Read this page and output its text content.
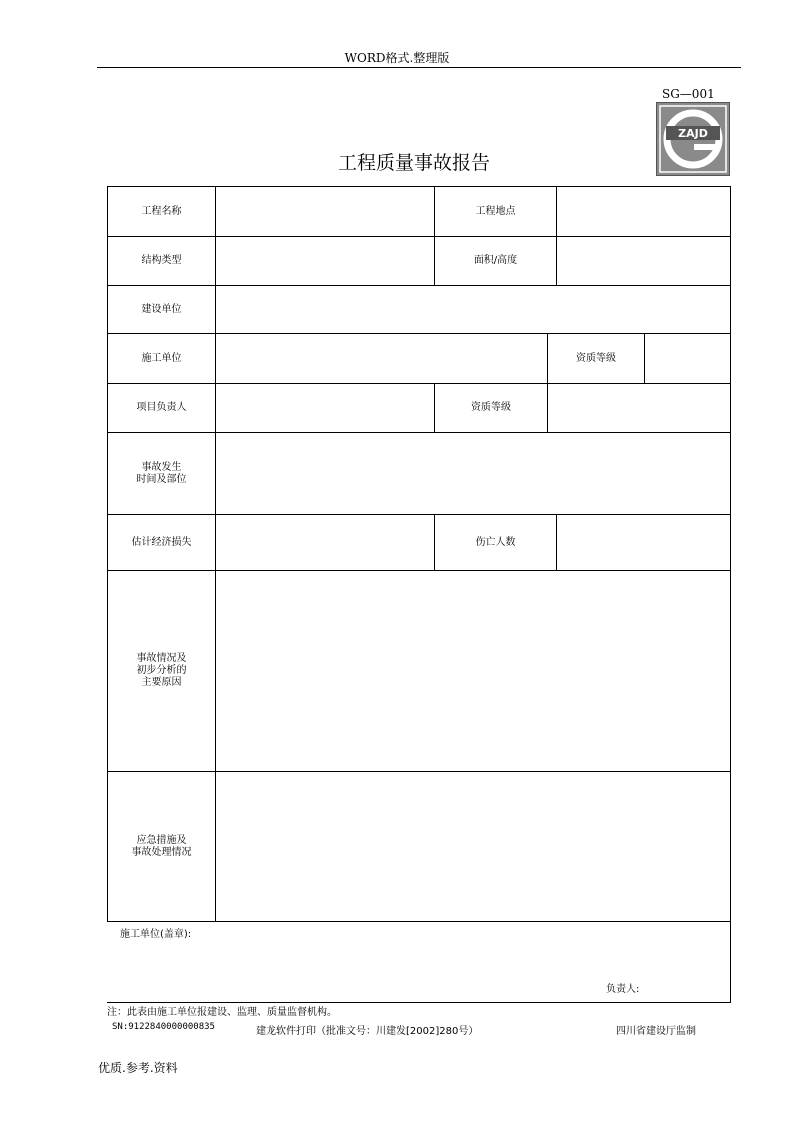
WORD格式.整理版
SG—001
ZAJD
工程质量事故报告
工程名称	工程地点
结构类型	面积/高度
建设单位
施工单位	资质等级
项目负责人	资质等级
事故发生
时间及部位
估计经济损失	伤亡人数
事故情况及
初步分析的
主要原因
应急措施及
事故处理情况
施工单位(盖章):
负责人:
注：此表由施工单位报建设、监理、质量监督机构。
SN:9122840000000835	建龙软件打印（批准文号：川建发[2002]280号）	四川省建设厅监制
优质.参考.资料
